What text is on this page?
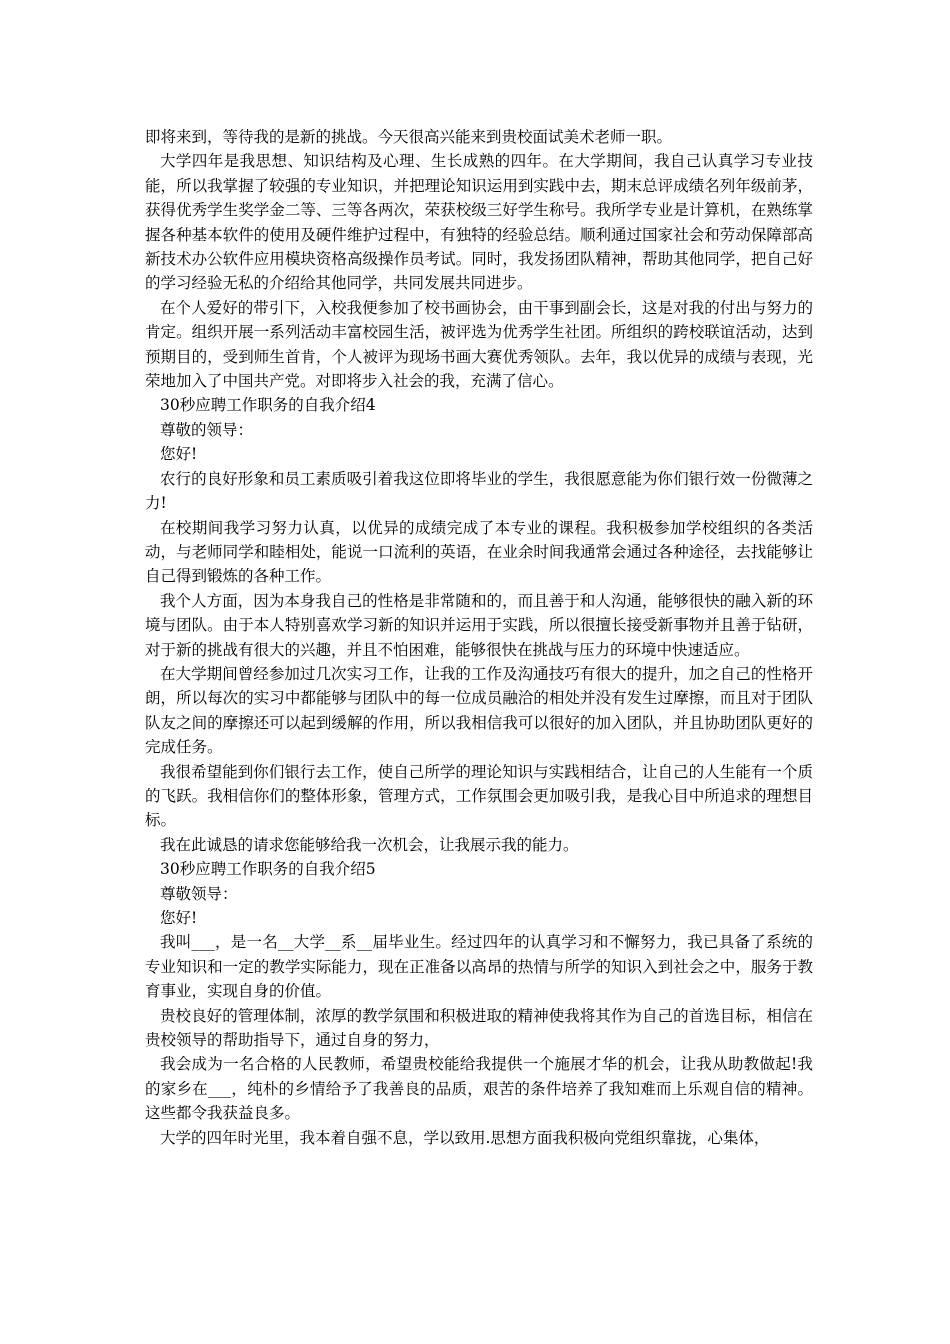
即将来到，等待我的是新的挑战。今天很高兴能来到贵校面试美术老师一职。

大学四年是我思想、知识结构及心理、生长成熟的四年。在大学期间，我自己认真学习专业技能，所以我掌握了较强的专业知识，并把理论知识运用到实践中去，期末总评成绩名列年级前茅，获得优秀学生奖学金二等、三等各两次，荣获校级三好学生称号。我所学专业是计算机，在熟练掌握各种基本软件的使用及硬件维护过程中，有独特的经验总结。顺利通过国家社会和劳动保障部高新技术办公软件应用模块资格高级操作员考试。同时，我发扬团队精神，帮助其他同学，把自己好的学习经验无私的介绍给其他同学，共同发展共同进步。

在个人爱好的带引下，入校我便参加了校书画协会，由干事到副会长，这是对我的付出与努力的肯定。组织开展一系列活动丰富校园生活，被评选为优秀学生社团。所组织的跨校联谊活动，达到预期目的，受到师生首肯，个人被评为现场书画大赛优秀领队。去年，我以优异的成绩与表现，光荣地加入了中国共产党。对即将步入社会的我，充满了信心。

30秒应聘工作职务的自我介绍4

尊敬的领导：

您好!

农行的良好形象和员工素质吸引着我这位即将毕业的学生，我很愿意能为你们银行效一份微薄之力!

在校期间我学习努力认真，以优异的成绩完成了本专业的课程。我积极参加学校组织的各类活动，与老师同学和睦相处，能说一口流利的英语，在业余时间我通常会通过各种途径，去找能够让自己得到锻炼的各种工作。

我个人方面，因为本身我自己的性格是非常随和的，而且善于和人沟通，能够很快的融入新的环境与团队。由于本人特别喜欢学习新的知识并运用于实践，所以很擅长接受新事物并且善于钻研，对于新的挑战有很大的兴趣，并且不怕困难，能够很快在挑战与压力的环境中快速适应。

在大学期间曾经参加过几次实习工作，让我的工作及沟通技巧有很大的提升，加之自己的性格开朗，所以每次的实习中都能够与团队中的每一位成员融洽的相处并没有发生过摩擦，而且对于团队队友之间的摩擦还可以起到缓解的作用，所以我相信我可以很好的加入团队，并且协助团队更好的完成任务。

我很希望能到你们银行去工作，使自己所学的理论知识与实践相结合，让自己的人生能有一个质的飞跃。我相信你们的整体形象，管理方式，工作氛围会更加吸引我，是我心目中所追求的理想目标。

我在此诚恳的请求您能够给我一次机会，让我展示我的能力。

30秒应聘工作职务的自我介绍5

尊敬领导：

您好!

我叫___，是一名__大学__系__届毕业生。经过四年的认真学习和不懈努力，我已具备了系统的专业知识和一定的教学实际能力，现在正准备以高昂的热情与所学的知识入到社会之中，服务于教育事业，实现自身的价值。

贵校良好的管理体制，浓厚的教学氛围和积极进取的精神使我将其作为自己的首选目标，相信在贵校领导的帮助指导下，通过自身的努力，

我会成为一名合格的人民教师，希望贵校能给我提供一个施展才华的机会，让我从助教做起!我的家乡在___，纯朴的乡情给予了我善良的品质，艰苦的条件培养了我知难而上乐观自信的精神。这些都令我获益良多。

大学的四年时光里，我本着自强不息，学以致用.思想方面我积极向党组织靠拢，心集体，
